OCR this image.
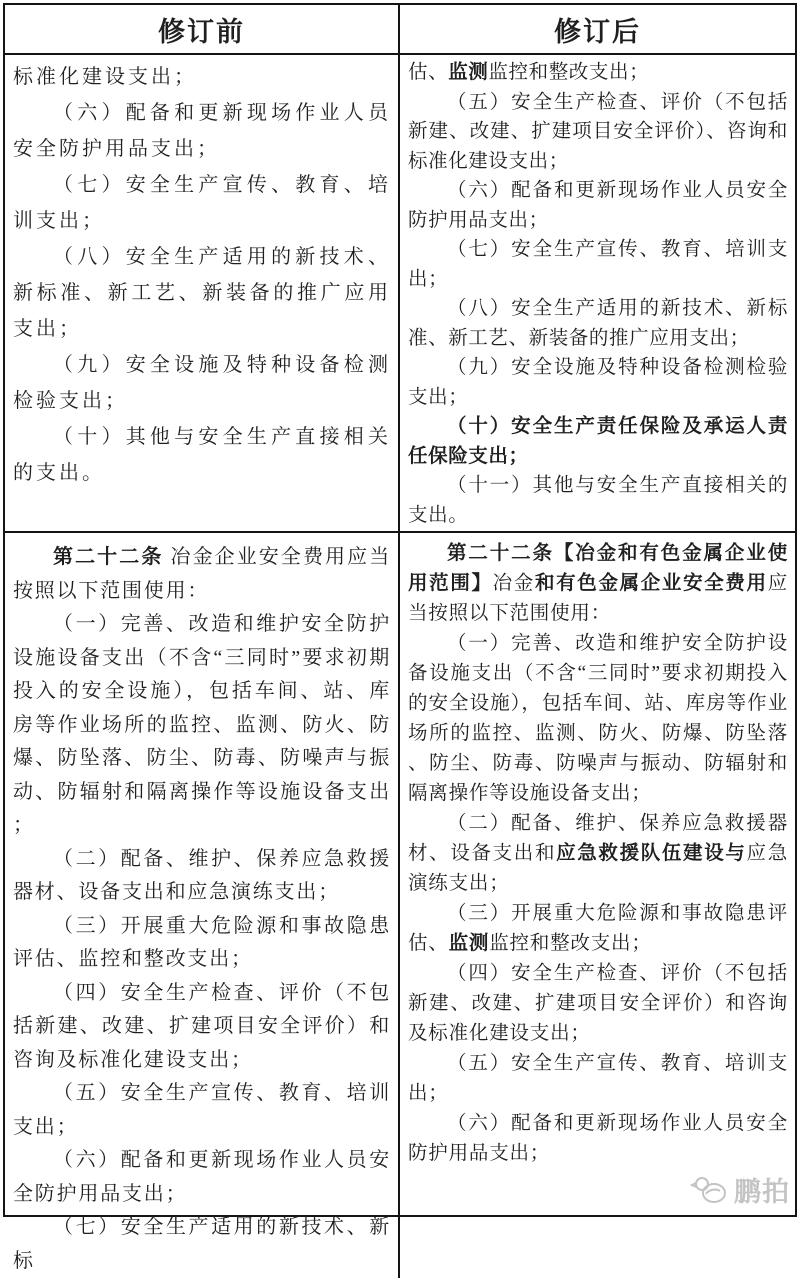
修订前	修订后

标准化建设支出；

（六）配备和更新现场作业人员安全防护用品支出；

（七）安全生产宣传、教育、培训支出；

（八）安全生产适用的新技术、新标准、新工艺、新装备的推广应用支出；

（九）安全设施及特种设备检测检验支出；

（十）其他与安全生产直接相关的支出。

估、监测监控和整改支出；

（五）安全生产检查、评价（不包括新建、改建、扩建项目安全评价）、咨询和标准化建设支出；

（六）配备和更新现场作业人员安全防护用品支出；

（七）安全生产宣传、教育、培训支出；

（八）安全生产适用的新技术、新标准、新工艺、新装备的推广应用支出；

（九）安全设施及特种设备检测检验支出；

（十）安全生产责任保险及承运人责任保险支出；

（十一）其他与安全生产直接相关的支出。

第二十二条 冶金企业安全费用应当按照以下范围使用：

（一）完善、改造和维护安全防护设施设备支出（不含“三同时”要求初期投入的安全设施），包括车间、站、库房等作业场所的监控、监测、防火、防爆、防坠落、防尘、防毒、防噪声与振动、防辐射和隔离操作等设施设备支出；

（二）配备、维护、保养应急救援器材、设备支出和应急演练支出；

（三）开展重大危险源和事故隐患评估、监控和整改支出；

（四）安全生产检查、评价（不包括新建、改建、扩建项目安全评价）和咨询及标准化建设支出；

（五）安全生产宣传、教育、培训支出；

（六）配备和更新现场作业人员安全防护用品支出；

（七）安全生产适用的新技术、新标

第二十二条【冶金和有色金属企业使用范围】冶金和有色金属企业安全费用应当按照以下范围使用：

（一）完善、改造和维护安全防护设备设施支出（不含“三同时”要求初期投入的安全设施），包括车间、站、库房等作业场所的监控、监测、防火、防爆、防坠落、防尘、防毒、防噪声与振动、防辐射和隔离操作等设施设备支出；

（二）配备、维护、保养应急救援器材、设备支出和应急救援队伍建设与应急演练支出；

（三）开展重大危险源和事故隐患评估、监测监控和整改支出；

（四）安全生产检查、评价（不包括新建、改建、扩建项目安全评价）和咨询及标准化建设支出；

（五）安全生产宣传、教育、培训支出；

（六）配备和更新现场作业人员安全防护用品支出；

鹏拍
